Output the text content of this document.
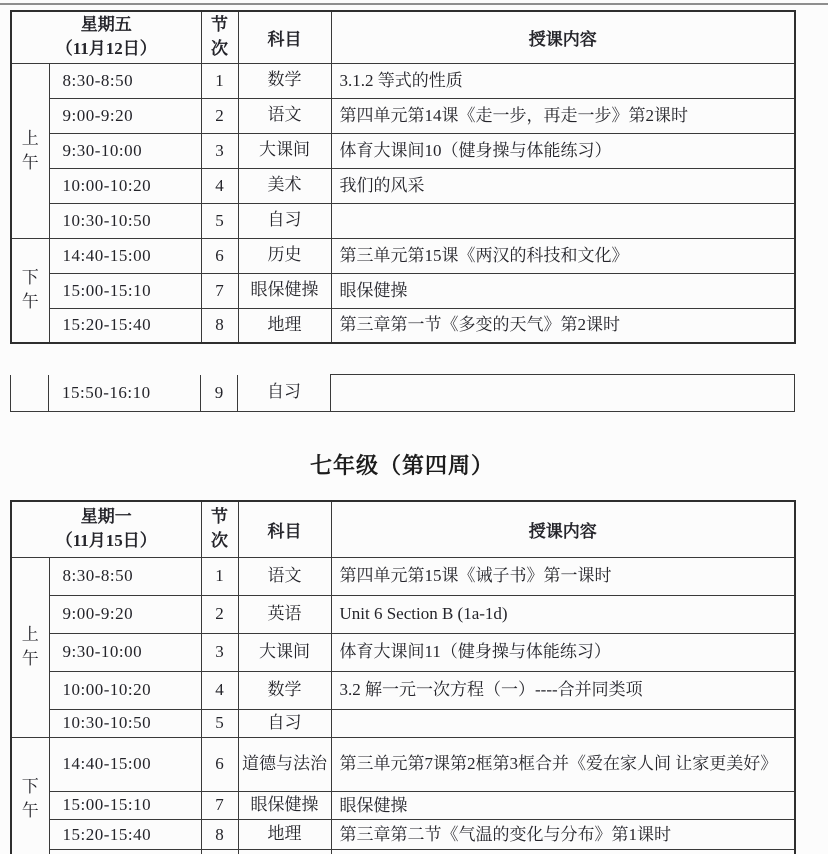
星期五
（11月12日）		节次	科目	授课内容
上午	8:30-8:50	1	数学	3.1.2 等式的性质
	9:00-9:20	2	语文	第四单元第14课《走一步，再走一步》第2课时
	9:30-10:00	3	大课间	体育大课间10（健身操与体能练习）
	10:00-10:20	4	美术	我们的风采
	10:30-10:50	5	自习	
下午	14:40-15:00	6	历史	第三单元第15课《两汉的科技和文化》
	15:00-15:10	7	眼保健操	眼保健操
	15:20-15:40	8	地理	第三章第一节《多变的天气》第2课时
	15:50-16:10	9	自习	
七年级（第四周）
星期一
（11月15日）		节次	科目	授课内容
上午	8:30-8:50	1	语文	第四单元第15课《诫子书》第一课时
	9:00-9:20	2	英语	Unit 6 Section B (1a-1d)
	9:30-10:00	3	大课间	体育大课间11（健身操与体能练习）
	10:00-10:20	4	数学	3.2 解一元一次方程（一）----合并同类项
	10:30-10:50	5	自习	
下午	14:40-15:00	6	道德与法治	第三单元第7课第2框第3框合并《爱在家人间 让家更美好》
	15:00-15:10	7	眼保健操	眼保健操
	15:20-15:40	8	地理	第三章第二节《气温的变化与分布》第1课时
